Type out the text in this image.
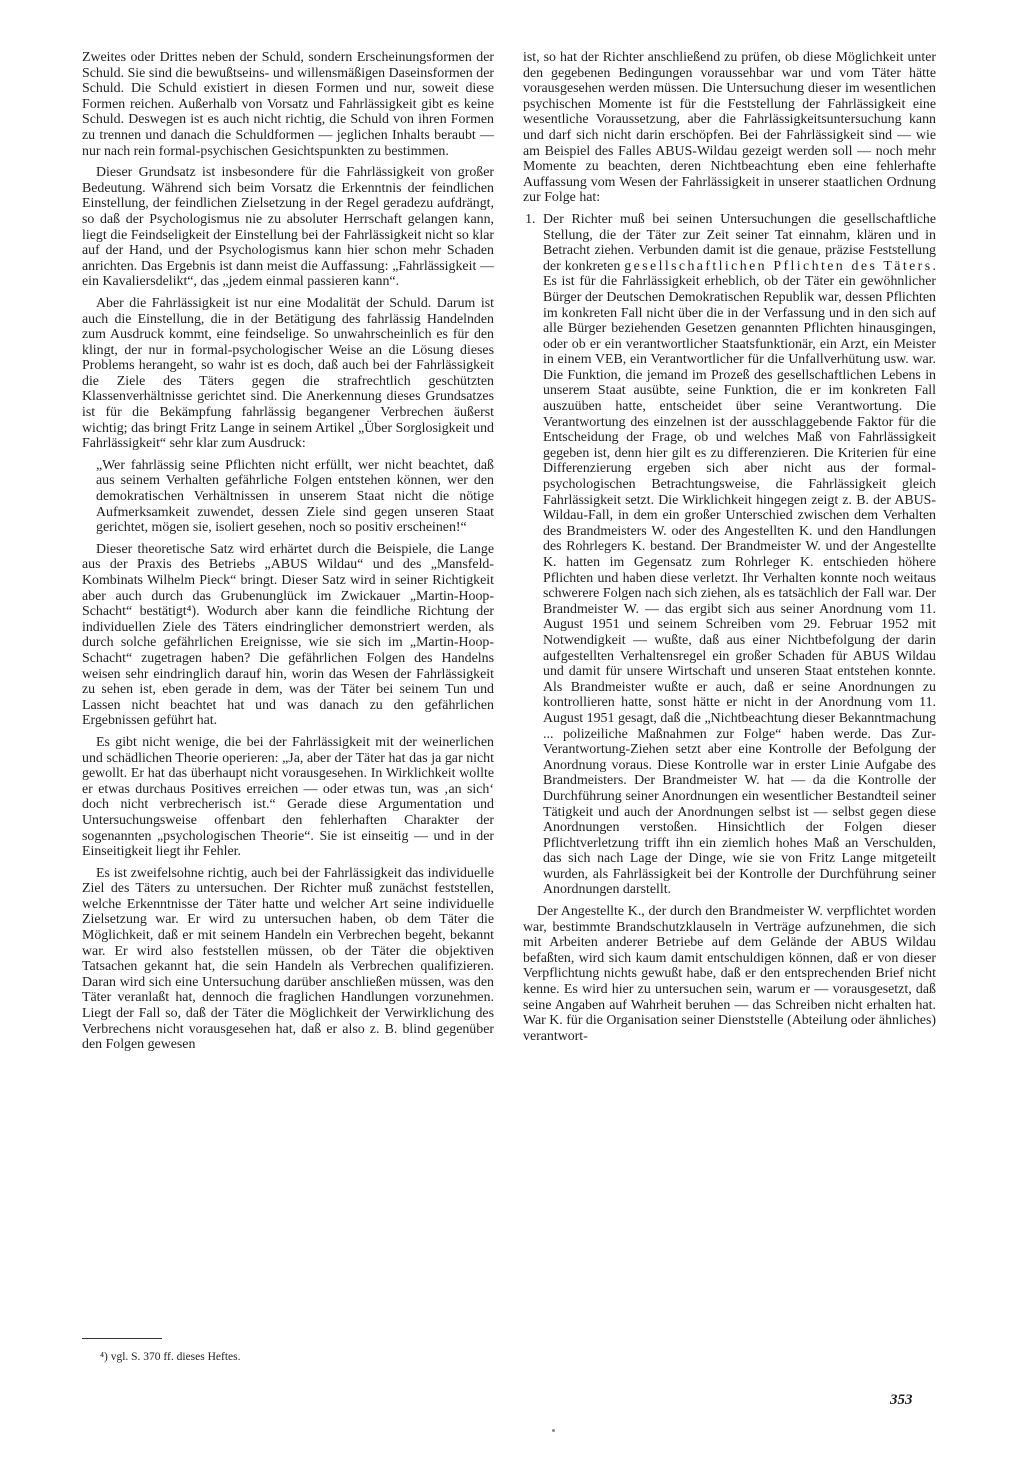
Zweites oder Drittes neben der Schuld, sondern Erscheinungsformen der Schuld. Sie sind die bewußtseins- und willensmäßigen Daseinsformen der Schuld. Die Schuld existiert in diesen Formen und nur, soweit diese Formen reichen. Außerhalb von Vorsatz und Fahrlässigkeit gibt es keine Schuld. Deswegen ist es auch nicht richtig, die Schuld von ihren Formen zu trennen und danach die Schuldformen — jeglichen Inhalts beraubt — nur nach rein formal-psychischen Gesichtspunkten zu bestimmen.

Dieser Grundsatz ist insbesondere für die Fahrlässigkeit von großer Bedeutung. Während sich beim Vorsatz die Erkenntnis der feindlichen Einstellung, der feindlichen Zielsetzung in der Regel geradezu aufdrängt, so daß der Psychologismus nie zu absoluter Herrschaft gelangen kann, liegt die Feindseligkeit der Einstellung bei der Fahrlässigkeit nicht so klar auf der Hand, und der Psychologismus kann hier schon mehr Schaden anrichten. Das Ergebnis ist dann meist die Auffassung: „Fahrlässigkeit — ein Kavaliersdelikt“, das „jedem einmal passieren kann“.

Aber die Fahrlässigkeit ist nur eine Modalität der Schuld. Darum ist auch die Einstellung, die in der Betätigung des fahrlässig Handelnden zum Ausdruck kommt, eine feindselige. So unwahrscheinlich es für den klingt, der nur in formal-psychologischer Weise an die Lösung dieses Problems herangeht, so wahr ist es doch, daß auch bei der Fahrlässigkeit die Ziele des Täters gegen die strafrechtlich geschützten Klassenverhältnisse gerichtet sind. Die Anerkennung dieses Grundsatzes ist für die Bekämpfung fahrlässig begangener Verbrechen äußerst wichtig; das bringt Fritz Lange in seinem Artikel „Über Sorglosigkeit und Fahrlässigkeit“ sehr klar zum Ausdruck:

„Wer fahrlässig seine Pflichten nicht erfüllt, wer nicht beachtet, daß aus seinem Verhalten gefährliche Folgen entstehen können, wer den demokratischen Verhältnissen in unserem Staat nicht die nötige Aufmerksamkeit zuwendet, dessen Ziele sind gegen unseren Staat gerichtet, mögen sie, isoliert gesehen, noch so positiv erscheinen!“

Dieser theoretische Satz wird erhärtet durch die Beispiele, die Lange aus der Praxis des Betriebs „ABUS Wildau“ und des „Mansfeld-Kombinats Wilhelm Pieck“ bringt. Dieser Satz wird in seiner Richtigkeit aber auch durch das Grubenunglück im Zwickauer „Martin-Hoop-Schacht“ bestätigt⁴). Wodurch aber kann die feindliche Richtung der individuellen Ziele des Täters eindringlicher demonstriert werden, als durch solche gefährlichen Ereignisse, wie sie sich im „Martin-Hoop-Schacht“ zugetragen haben? Die gefährlichen Folgen des Handelns weisen sehr eindringlich darauf hin, worin das Wesen der Fahrlässigkeit zu sehen ist, eben gerade in dem, was der Täter bei seinem Tun und Lassen nicht beachtet hat und was danach zu den gefährlichen Ergebnissen geführt hat.

Es gibt nicht wenige, die bei der Fahrlässigkeit mit der weinerlichen und schädlichen Theorie operieren: „Ja, aber der Täter hat das ja gar nicht gewollt. Er hat das überhaupt nicht vorausgesehen. In Wirklichkeit wollte er etwas durchaus Positives erreichen — oder etwas tun, was ‚an sich‘ doch nicht verbrecherisch ist.“ Gerade diese Argumentation und Untersuchungsweise offenbart den fehlerhaften Charakter der sogenannten „psychologischen Theorie“. Sie ist einseitig — und in der Einseitigkeit liegt ihr Fehler.

Es ist zweifelsohne richtig, auch bei der Fahrlässigkeit das individuelle Ziel des Täters zu untersuchen. Der Richter muß zunächst feststellen, welche Erkenntnisse der Täter hatte und welcher Art seine individuelle Zielsetzung war. Er wird zu untersuchen haben, ob dem Täter die Möglichkeit, daß er mit seinem Handeln ein Verbrechen begeht, bekannt war. Er wird also feststellen müssen, ob der Täter die objektiven Tatsachen gekannt hat, die sein Handeln als Verbrechen qualifizieren. Daran wird sich eine Untersuchung darüber anschließen müssen, was den Täter veranlaßt hat, dennoch die fraglichen Handlungen vorzunehmen. Liegt der Fall so, daß der Täter die Möglichkeit der Verwirklichung des Verbrechens nicht vorausgesehen hat, daß er also z. B. blind gegenüber den Folgen gewesen

ist, so hat der Richter anschließend zu prüfen, ob diese Möglichkeit unter den gegebenen Bedingungen voraussehbar war und vom Täter hätte vorausgesehen werden müssen. Die Untersuchung dieser im wesentlichen psychischen Momente ist für die Feststellung der Fahrlässigkeit eine wesentliche Voraussetzung, aber die Fahrlässigkeitsuntersuchung kann und darf sich nicht darin erschöpfen. Bei der Fahrlässigkeit sind — wie am Beispiel des Falles ABUS-Wildau gezeigt werden soll — noch mehr Momente zu beachten, deren Nichtbeachtung eben eine fehlerhafte Auffassung vom Wesen der Fahrlässigkeit in unserer staatlichen Ordnung zur Folge hat:

1. Der Richter muß bei seinen Untersuchungen die gesellschaftliche Stellung, die der Täter zur Zeit seiner Tat einnahm, klären und in Betracht ziehen. Verbunden damit ist die genaue, präzise Feststellung der konkreten gesellschaftlichen Pflichten des Täters. Es ist für die Fahrlässigkeit erheblich, ob der Täter ein gewöhnlicher Bürger der Deutschen Demokratischen Republik war, dessen Pflichten im konkreten Fall nicht über die in der Verfassung und in den sich auf alle Bürger beziehenden Gesetzen genannten Pflichten hinausgingen, oder ob er ein verantwortlicher Staatsfunktionär, ein Arzt, ein Meister in einem VEB, ein Verantwortlicher für die Unfallverhütung usw. war. Die Funktion, die jemand im Prozeß des gesellschaftlichen Lebens in unserem Staat ausübte, seine Funktion, die er im konkreten Fall auszuüben hatte, entscheidet über seine Verantwortung. Die Verantwortung des einzelnen ist der ausschlaggebende Faktor für die Entscheidung der Frage, ob und welches Maß von Fahrlässigkeit gegeben ist, denn hier gilt es zu differenzieren. Die Kriterien für eine Differenzierung ergeben sich aber nicht aus der formal-psychologischen Betrachtungsweise, die Fahrlässigkeit gleich Fahrlässigkeit setzt. Die Wirklichkeit hingegen zeigt z. B. der ABUS-Wildau-Fall, in dem ein großer Unterschied zwischen dem Verhalten des Brandmeisters W. oder des Angestellten K. und den Handlungen des Rohrlegers K. bestand. Der Brandmeister W. und der Angestellte K. hatten im Gegensatz zum Rohrleger K. entschieden höhere Pflichten und haben diese verletzt. Ihr Verhalten konnte noch weitaus schwerere Folgen nach sich ziehen, als es tatsächlich der Fall war. Der Brandmeister W. — das ergibt sich aus seiner Anordnung vom 11. August 1951 und seinem Schreiben vom 29. Februar 1952 mit Notwendigkeit — wußte, daß aus einer Nichtbefolgung der darin aufgestellten Verhaltensregel ein großer Schaden für ABUS Wildau und damit für unsere Wirtschaft und unseren Staat entstehen konnte. Als Brandmeister wußte er auch, daß er seine Anordnungen zu kontrollieren hatte, sonst hätte er nicht in der Anordnung vom 11. August 1951 gesagt, daß die „Nichtbeachtung dieser Bekanntmachung ... polizeiliche Maßnahmen zur Folge“ haben werde. Das Zur-Verantwortung-Ziehen setzt aber eine Kontrolle der Befolgung der Anordnung voraus. Diese Kontrolle war in erster Linie Aufgabe des Brandmeisters. Der Brandmeister W. hat — da die Kontrolle der Durchführung seiner Anordnungen ein wesentlicher Bestandteil seiner Tätigkeit und auch der Anordnungen selbst ist — selbst gegen diese Anordnungen verstoßen. Hinsichtlich der Folgen dieser Pflichtverletzung trifft ihn ein ziemlich hohes Maß an Verschulden, das sich nach Lage der Dinge, wie sie von Fritz Lange mitgeteilt wurden, als Fahrlässigkeit bei der Kontrolle der Durchführung seiner Anordnungen darstellt.

Der Angestellte K., der durch den Brandmeister W. verpflichtet worden war, bestimmte Brandschutzklauseln in Verträge aufzunehmen, die sich mit Arbeiten anderer Betriebe auf dem Gelände der ABUS Wildau befaßten, wird sich kaum damit entschuldigen können, daß er von dieser Verpflichtung nichts gewußt habe, daß er den entsprechenden Brief nicht kenne. Es wird hier zu untersuchen sein, warum er — vorausgesetzt, daß seine Angaben auf Wahrheit beruhen — das Schreiben nicht erhalten hat. War K. für die Organisation seiner Dienststelle (Abteilung oder ähnliches) verantwort-

⁴) vgl. S. 370 ff. dieses Heftes.
353
